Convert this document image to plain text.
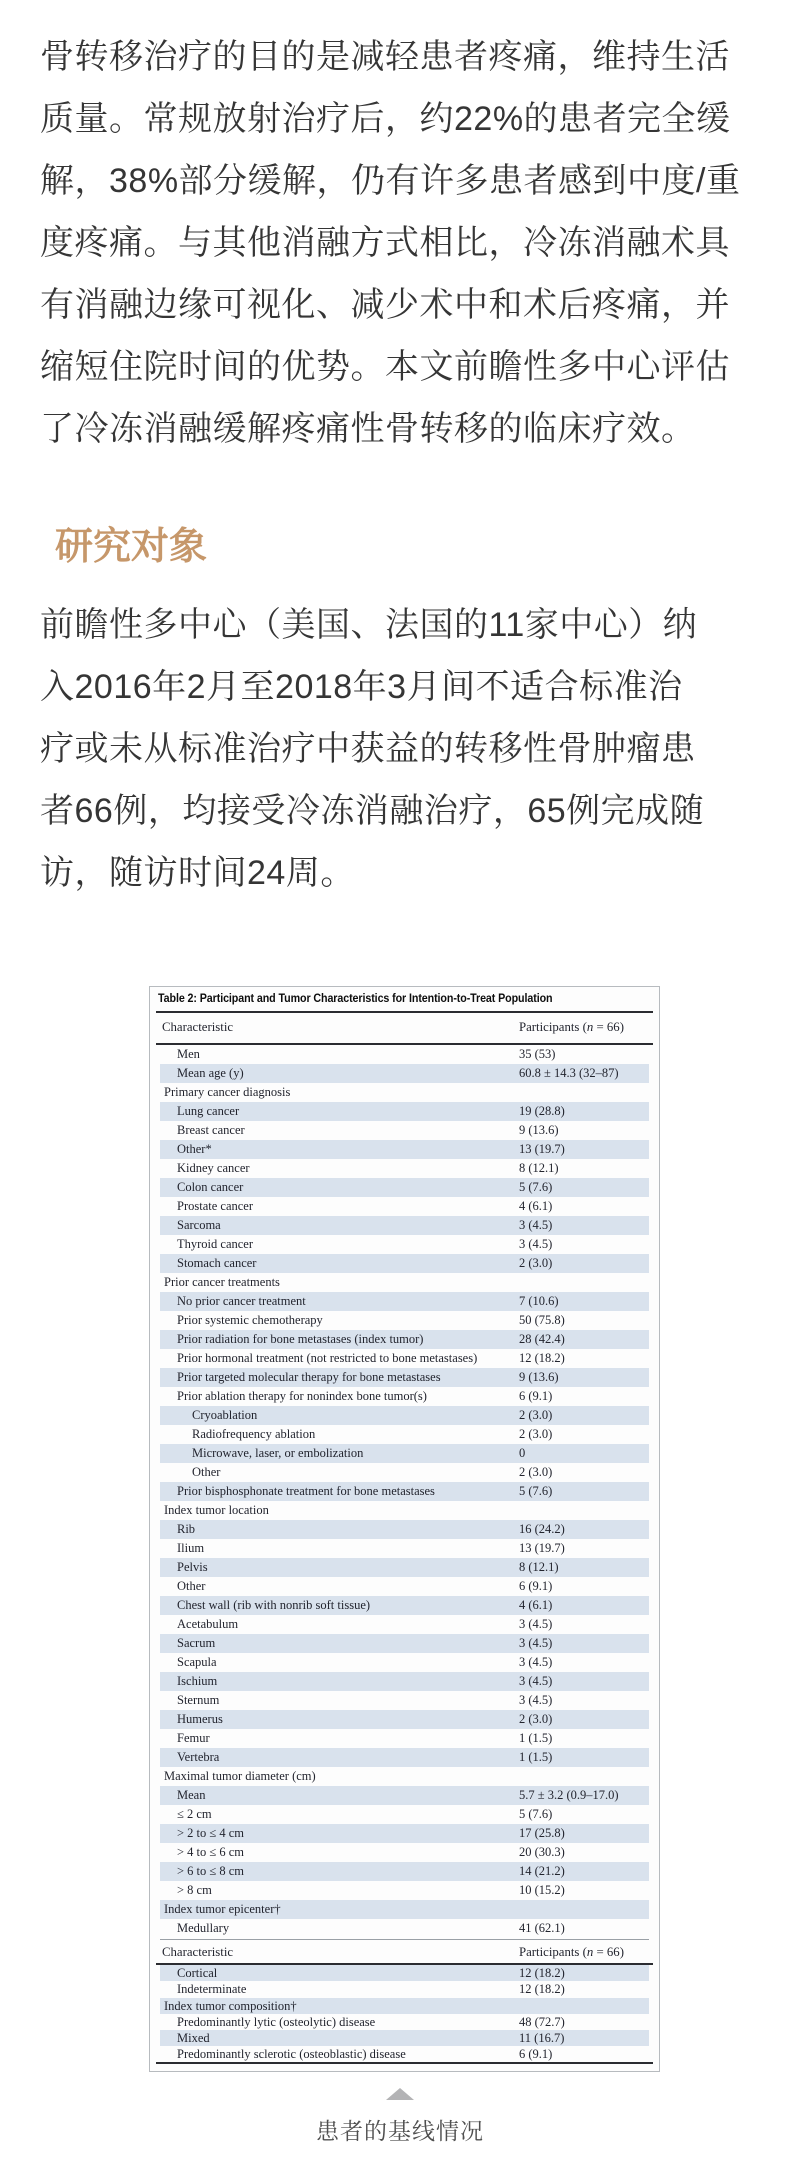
骨转移治疗的目的是减轻患者疼痛，维持生活
质量。常规放射治疗后，约22%的患者完全缓
解，38%部分缓解，仍有许多患者感到中度/重
度疼痛。与其他消融方式相比，冷冻消融术具
有消融边缘可视化、减少术中和术后疼痛，并
缩短住院时间的优势。本文前瞻性多中心评估
了冷冻消融缓解疼痛性骨转移的临床疗效。
研究对象
前瞻性多中心（美国、法国的11家中心）纳
入2016年2月至2018年3月间不适合标准治
疗或未从标准治疗中获益的转移性骨肿瘤患
者66例，均接受冷冻消融治疗，65例完成随
访，随访时间24周。
Table 2: Participant and Tumor Characteristics for Intention-to-Treat Population
Characteristic	Participants (n = 66)
Men	35 (53)
Mean age (y)	60.8 ± 14.3 (32–87)
Primary cancer diagnosis
Lung cancer	19 (28.8)
Breast cancer	9 (13.6)
Other*	13 (19.7)
Kidney cancer	8 (12.1)
Colon cancer	5 (7.6)
Prostate cancer	4 (6.1)
Sarcoma	3 (4.5)
Thyroid cancer	3 (4.5)
Stomach cancer	2 (3.0)
Prior cancer treatments
No prior cancer treatment	7 (10.6)
Prior systemic chemotherapy	50 (75.8)
Prior radiation for bone metastases (index tumor)	28 (42.4)
Prior hormonal treatment (not restricted to bone metastases)	12 (18.2)
Prior targeted molecular therapy for bone metastases	9 (13.6)
Prior ablation therapy for nonindex bone tumor(s)	6 (9.1)
Cryoablation	2 (3.0)
Radiofrequency ablation	2 (3.0)
Microwave, laser, or embolization	0
Other	2 (3.0)
Prior bisphosphonate treatment for bone metastases	5 (7.6)
Index tumor location
Rib	16 (24.2)
Ilium	13 (19.7)
Pelvis	8 (12.1)
Other	6 (9.1)
Chest wall (rib with nonrib soft tissue)	4 (6.1)
Acetabulum	3 (4.5)
Sacrum	3 (4.5)
Scapula	3 (4.5)
Ischium	3 (4.5)
Sternum	3 (4.5)
Humerus	2 (3.0)
Femur	1 (1.5)
Vertebra	1 (1.5)
Maximal tumor diameter (cm)
Mean	5.7 ± 3.2 (0.9–17.0)
≤ 2 cm	5 (7.6)
> 2 to ≤ 4 cm	17 (25.8)
> 4 to ≤ 6 cm	20 (30.3)
> 6 to ≤ 8 cm	14 (21.2)
> 8 cm	10 (15.2)
Index tumor epicenter†
Medullary	41 (62.1)
Characteristic	Participants (n = 66)
Cortical	12 (18.2)
Indeterminate	12 (18.2)
Index tumor composition†
Predominantly lytic (osteolytic) disease	48 (72.7)
Mixed	11 (16.7)
Predominantly sclerotic (osteoblastic) disease	6 (9.1)
患者的基线情况
